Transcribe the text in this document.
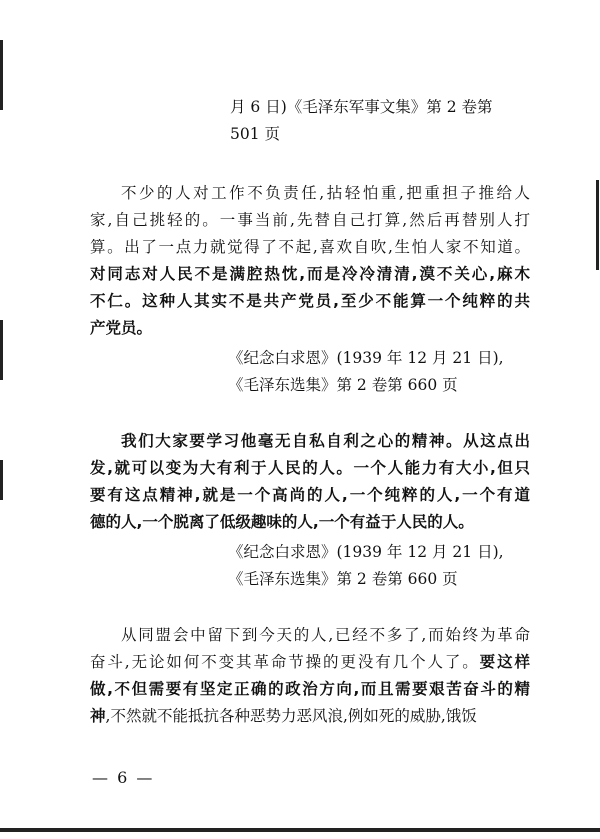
月 6 日)《毛泽东军事文集》第 2 卷第
501 页
不少的人对工作不负责任,拈轻怕重,把重担子推给人
家,自己挑轻的。一事当前,先替自己打算,然后再替别人打
算。出了一点力就觉得了不起,喜欢自吹,生怕人家不知道。
对同志对人民不是满腔热忱,而是冷冷清清,漠不关心,麻木
不仁。这种人其实不是共产党员,至少不能算一个纯粹的共
产党员。
《纪念白求恩》(1939 年 12 月 21 日),
《毛泽东选集》第 2 卷第 660 页
我们大家要学习他毫无自私自利之心的精神。从这点出
发,就可以变为大有利于人民的人。一个人能力有大小,但只
要有这点精神,就是一个高尚的人,一个纯粹的人,一个有道
德的人,一个脱离了低级趣味的人,一个有益于人民的人。
《纪念白求恩》(1939 年 12 月 21 日),
《毛泽东选集》第 2 卷第 660 页
从同盟会中留下到今天的人,已经不多了,而始终为革命
奋斗,无论如何不变其革命节操的更没有几个人了。要这样
做,不但需要有坚定正确的政治方向,而且需要艰苦奋斗的精
神,不然就不能抵抗各种恶势力恶风浪,例如死的威胁,饿饭
— 6 —
